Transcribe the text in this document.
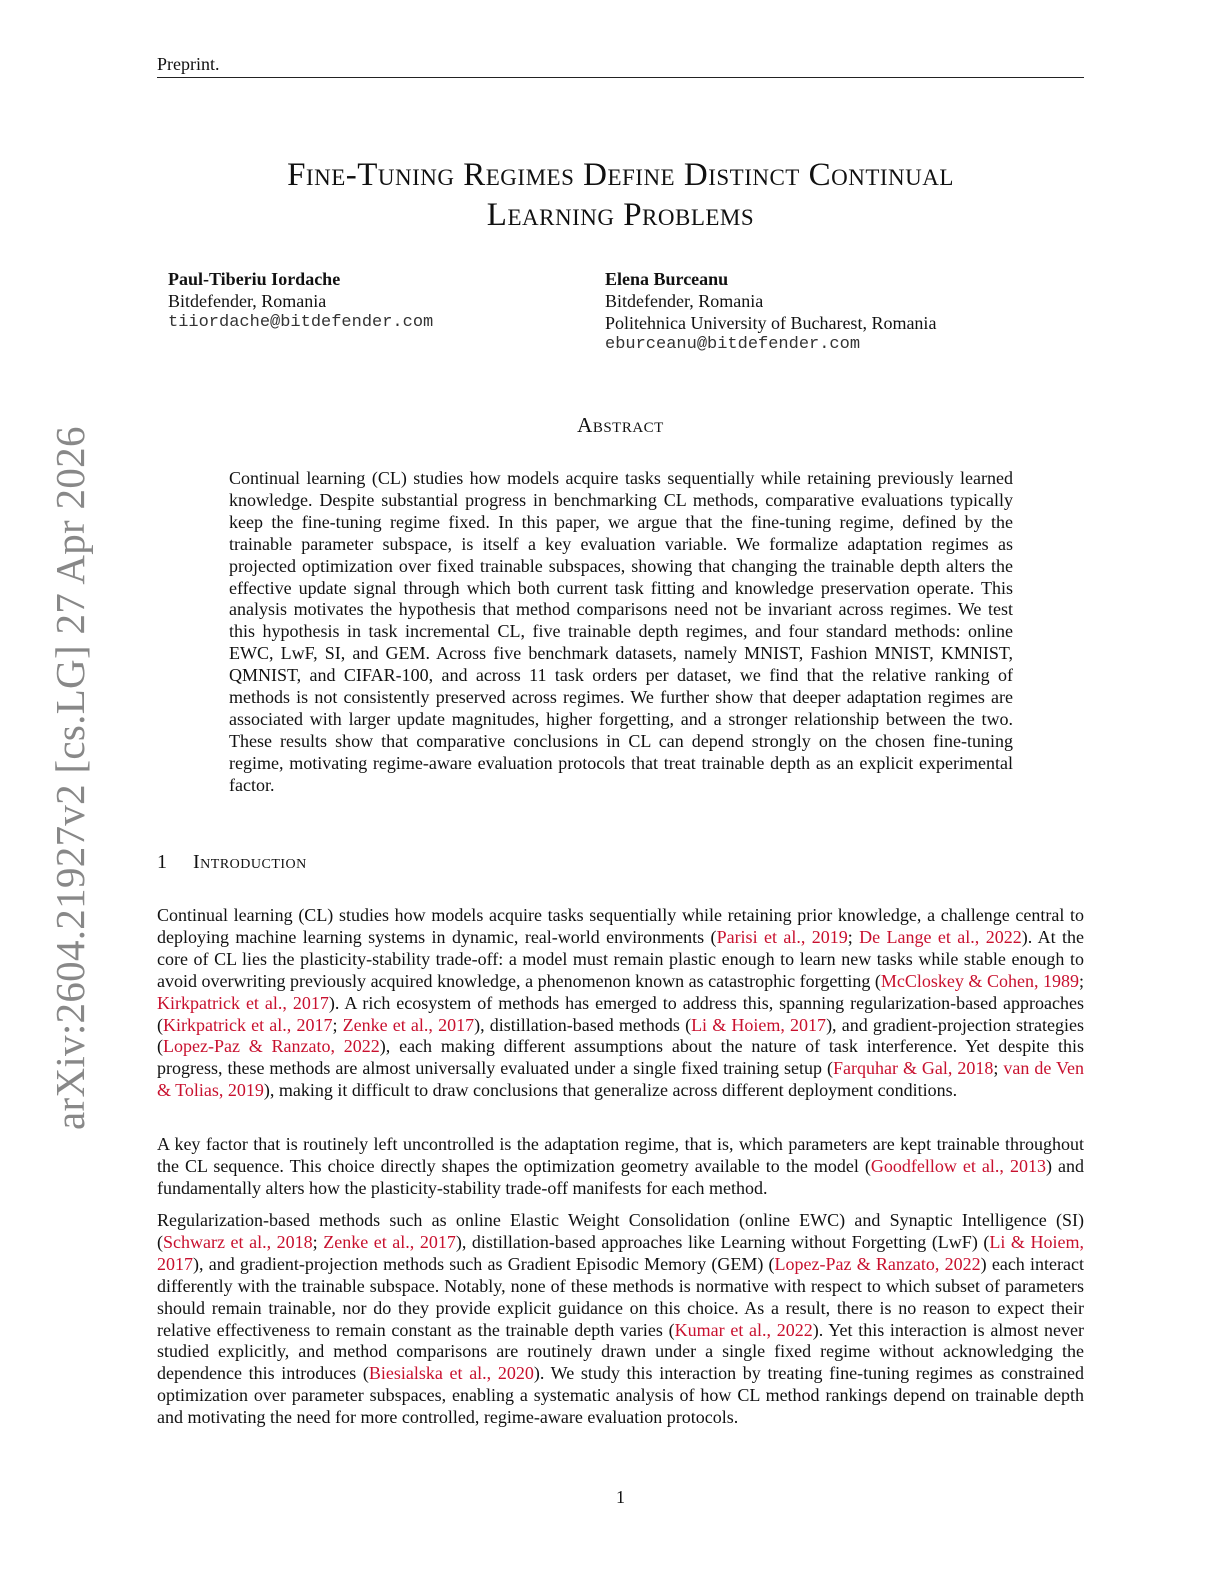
Preprint.
Fine-Tuning Regimes Define Distinct Continual
Learning Problems
Paul-Tiberiu Iordache
Bitdefender, Romania
tiiordache@bitdefender.com
Elena Burceanu
Bitdefender, Romania
Politehnica University of Bucharest, Romania
eburceanu@bitdefender.com
Abstract
Continual learning (CL) studies how models acquire tasks sequentially while retaining previously learned knowledge. Despite substantial progress in benchmarking CL methods, comparative evaluations typically keep the fine-tuning regime fixed. In this paper, we argue that the fine-tuning regime, defined by the trainable parameter subspace, is itself a key evaluation variable. We formalize adaptation regimes as projected optimization over fixed trainable subspaces, showing that changing the trainable depth alters the effective update signal through which both current task fitting and knowledge preservation operate. This analysis motivates the hypothesis that method comparisons need not be invariant across regimes. We test this hypothesis in task incremental CL, five trainable depth regimes, and four standard methods: online EWC, LwF, SI, and GEM. Across five benchmark datasets, namely MNIST, Fashion MNIST, KMNIST, QMNIST, and CIFAR-100, and across 11 task orders per dataset, we find that the relative ranking of methods is not consistently preserved across regimes. We further show that deeper adaptation regimes are associated with larger update magnitudes, higher forgetting, and a stronger relationship between the two. These results show that comparative conclusions in CL can depend strongly on the chosen fine-tuning regime, motivating regime-aware evaluation protocols that treat trainable depth as an explicit experimental factor.
1 Introduction
Continual learning (CL) studies how models acquire tasks sequentially while retaining prior knowledge, a challenge central to deploying machine learning systems in dynamic, real-world environments (Parisi et al., 2019; De Lange et al., 2022). At the core of CL lies the plasticity-stability trade-off: a model must remain plastic enough to learn new tasks while stable enough to avoid overwriting previously acquired knowledge, a phenomenon known as catastrophic forgetting (McCloskey & Cohen, 1989; Kirkpatrick et al., 2017). A rich ecosystem of methods has emerged to address this, spanning regularization-based approaches (Kirkpatrick et al., 2017; Zenke et al., 2017), distillation-based methods (Li & Hoiem, 2017), and gradient-projection strategies (Lopez-Paz & Ranzato, 2022), each making different assumptions about the nature of task interference. Yet despite this progress, these methods are almost universally evaluated under a single fixed training setup (Farquhar & Gal, 2018; van de Ven & Tolias, 2019), making it difficult to draw conclusions that generalize across different deployment conditions.
A key factor that is routinely left uncontrolled is the adaptation regime, that is, which parameters are kept trainable throughout the CL sequence. This choice directly shapes the optimization geometry available to the model (Goodfellow et al., 2013) and fundamentally alters how the plasticity-stability trade-off manifests for each method.
Regularization-based methods such as online Elastic Weight Consolidation (online EWC) and Synaptic Intelligence (SI) (Schwarz et al., 2018; Zenke et al., 2017), distillation-based approaches like Learning without Forgetting (LwF) (Li & Hoiem, 2017), and gradient-projection methods such as Gradient Episodic Memory (GEM) (Lopez-Paz & Ranzato, 2022) each interact differently with the trainable subspace. Notably, none of these methods is normative with respect to which subset of parameters should remain trainable, nor do they provide explicit guidance on this choice. As a result, there is no reason to expect their relative effectiveness to remain constant as the trainable depth varies (Kumar et al., 2022). Yet this interaction is almost never studied explicitly, and method comparisons are routinely drawn under a single fixed regime without acknowledging the dependence this introduces (Biesialska et al., 2020). We study this interaction by treating fine-tuning regimes as constrained optimization over parameter subspaces, enabling a systematic analysis of how CL method rankings depend on trainable depth and motivating the need for more controlled, regime-aware evaluation protocols.
arXiv:2604.21927v2 [cs.LG] 27 Apr 2026
1
